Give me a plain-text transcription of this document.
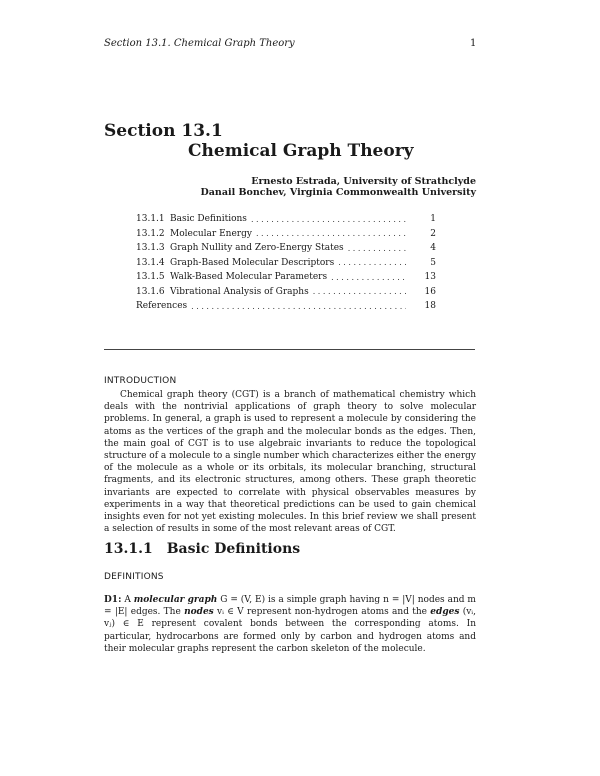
Section 13.1. Chemical Graph Theory	1
Section 13.1
Chemical Graph Theory
Ernesto Estrada, University of Strathclyde
Danail Bonchev, Virginia Commonwealth University
13.1.1 Basic Definitions . . .	1
13.1.2 Molecular Energy . . .	2
13.1.3 Graph Nullity and Zero-Energy States . . .	4
13.1.4 Graph-Based Molecular Descriptors . . .	5
13.1.5 Walk-Based Molecular Parameters . . .	13
13.1.6 Vibrational Analysis of Graphs . . .	16
References . . .	18
INTRODUCTION

Chemical graph theory (CGT) is a branch of mathematical chemistry which deals with the nontrivial applications of graph theory to solve molecular problems. In general, a graph is used to represent a molecule by considering the atoms as the vertices of the graph and the molecular bonds as the edges. Then, the main goal of CGT is to use algebraic invariants to reduce the topological structure of a molecule to a single number which characterizes either the energy of the molecule as a whole or its orbitals, its molecular branching, structural fragments, and its electronic structures, among others. These graph theoretic invariants are expected to correlate with physical observables measures by experiments in a way that theoretical predictions can be used to gain chemical insights even for not yet existing molecules. In this brief review we shall present a selection of results in some of the most relevant areas of CGT.

13.1.1 Basic Definitions
DEFINITIONS

D1: A molecular graph G = (V, E) is a simple graph having n = |V| nodes and m = |E| edges. The nodes vᵢ ∈ V represent non-hydrogen atoms and the edges (vᵢ, vⱼ) ∈ E represent covalent bonds between the corresponding atoms. In particular, hydrocarbons are formed only by carbon and hydrogen atoms and their molecular graphs represent the carbon skeleton of the molecule.
